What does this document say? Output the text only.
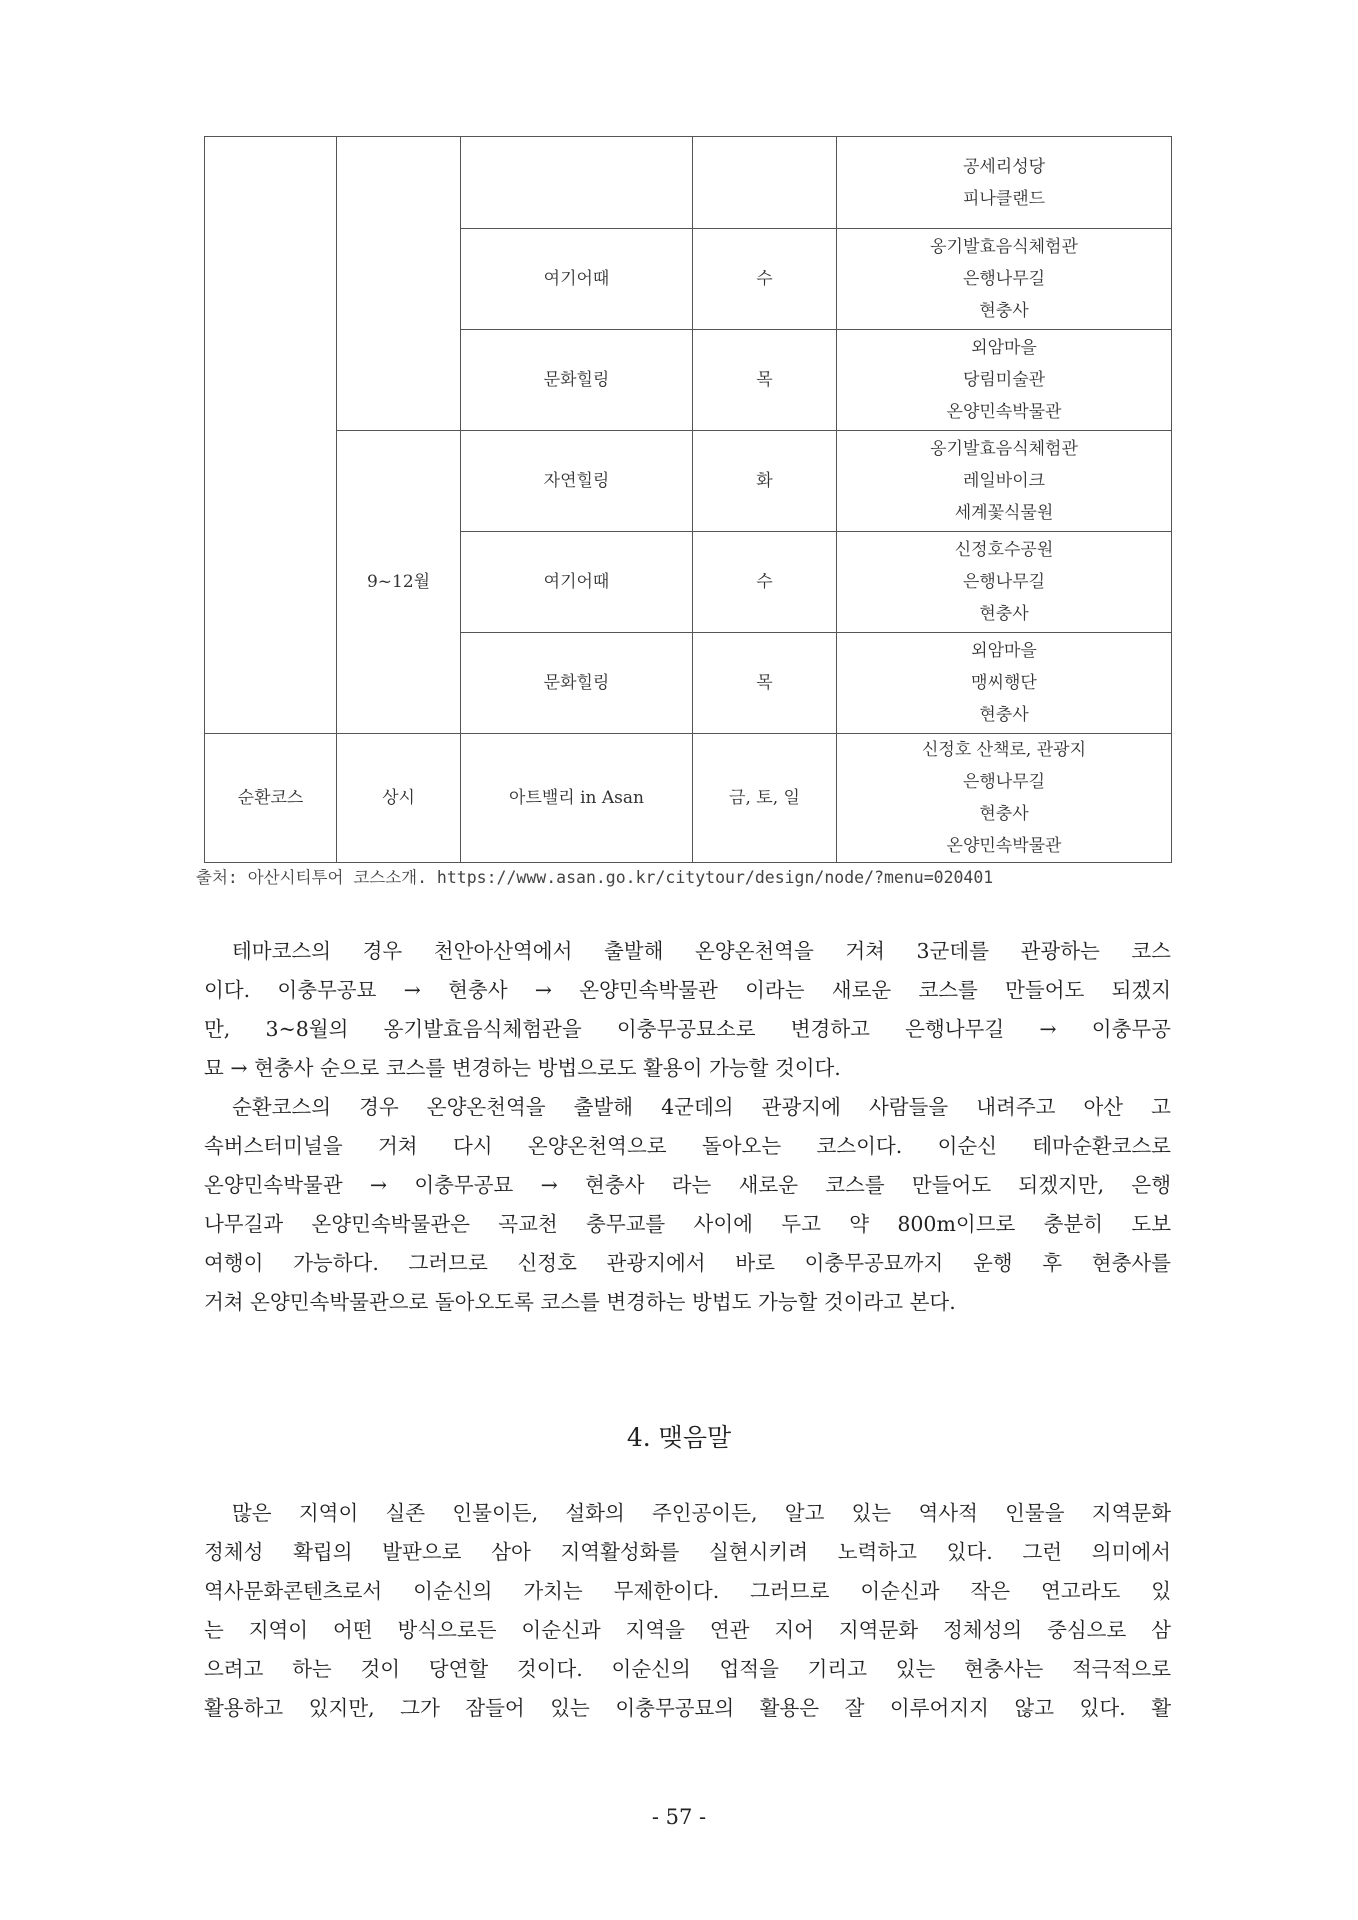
				공세리성당
피나클랜드

		여기어때	수	옹기발효음식체험관
은행나무길
현충사

		문화힐링	목	외암마을
당림미술관
온양민속박물관

	9~12월	자연힐링	화	옹기발효음식체험관
레일바이크
세계꽃식물원

		여기어때	수	신정호수공원
은행나무길
현충사

		문화힐링	목	외암마을
맹씨행단
현충사

순환코스	상시	아트밸리 in Asan	금, 토, 일	신정호 산책로, 관광지
은행나무길
현충사
온양민속박물관
출처: 아산시티투어 코스소개. https://www.asan.go.kr/citytour/design/node/?menu=020401

테마코스의 경우 천안아산역에서 출발해 온양온천역을 거쳐 3군데를 관광하는 코스
이다. 이충무공묘 → 현충사 → 온양민속박물관 이라는 새로운 코스를 만들어도 되겠지
만, 3~8월의 옹기발효음식체험관을 이충무공묘소로 변경하고 은행나무길 → 이충무공
묘 → 현충사 순으로 코스를 변경하는 방법으로도 활용이 가능할 것이다.

순환코스의 경우 온양온천역을 출발해 4군데의 관광지에 사람들을 내려주고 아산 고
속버스터미널을 거쳐 다시 온양온천역으로 돌아오는 코스이다. 이순신 테마순환코스로
온양민속박물관 → 이충무공묘 → 현충사 라는 새로운 코스를 만들어도 되겠지만, 은행
나무길과 온양민속박물관은 곡교천 충무교를 사이에 두고 약 800m이므로 충분히 도보
여행이 가능하다. 그러므로 신정호 관광지에서 바로 이충무공묘까지 운행 후 현충사를
거쳐 온양민속박물관으로 돌아오도록 코스를 변경하는 방법도 가능할 것이라고 본다.

4. 맺음말

많은 지역이 실존 인물이든, 설화의 주인공이든, 알고 있는 역사적 인물을 지역문화
정체성 확립의 발판으로 삼아 지역활성화를 실현시키려 노력하고 있다. 그런 의미에서
역사문화콘텐츠로서 이순신의 가치는 무제한이다. 그러므로 이순신과 작은 연고라도 있
는 지역이 어떤 방식으로든 이순신과 지역을 연관 지어 지역문화 정체성의 중심으로 삼
으려고 하는 것이 당연할 것이다. 이순신의 업적을 기리고 있는 현충사는 적극적으로
활용하고 있지만, 그가 잠들어 있는 이충무공묘의 활용은 잘 이루어지지 않고 있다. 활

- 57 -
